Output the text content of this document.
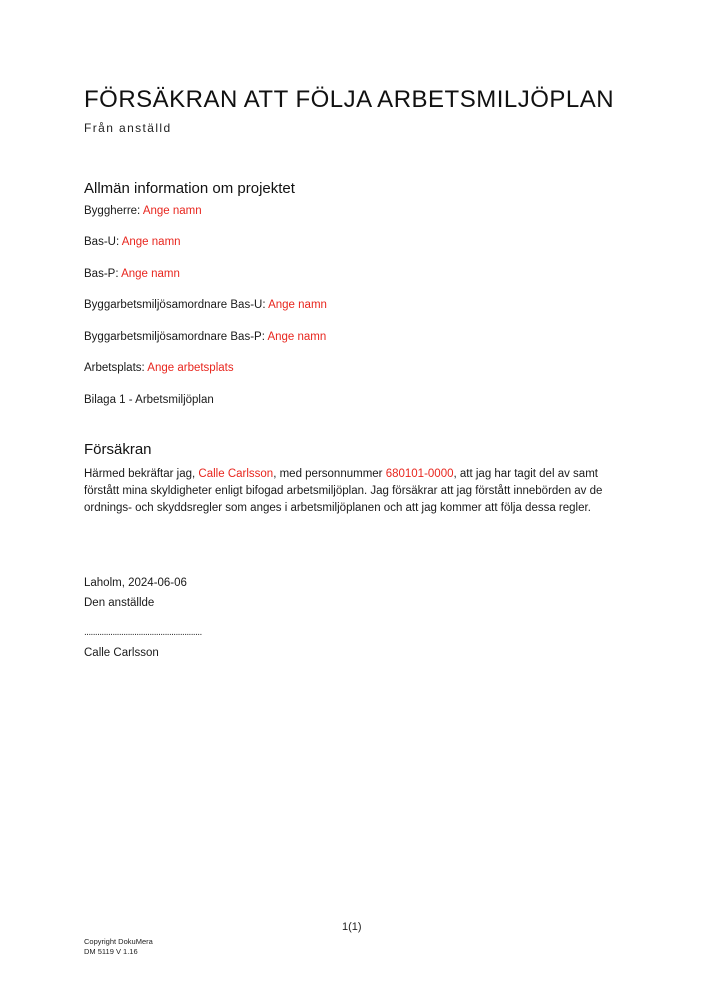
FÖRSÄKRAN ATT FÖLJA ARBETSMILJÖPLAN
Från anställd
Allmän information om projektet
Byggherre: Ange namn
Bas-U: Ange namn
Bas-P: Ange namn
Byggarbetsmiljösamordnare Bas-U: Ange namn
Byggarbetsmiljösamordnare Bas-P: Ange namn
Arbetsplats: Ange arbetsplats
Bilaga 1 - Arbetsmiljöplan
Försäkran
Härmed bekräftar jag, Calle Carlsson, med personnummer 680101-0000, att jag har tagit del av samt förstått mina skyldigheter enligt bifogad arbetsmiljöplan. Jag försäkrar att jag förstått innebörden av de ordnings- och skyddsregler som anges i arbetsmiljöplanen och att jag kommer att följa dessa regler.
Laholm, 2024-06-06
Den anställde
......................................................
Calle Carlsson
1(1)
Copyright DokuMera
DM 5119 V 1.16
